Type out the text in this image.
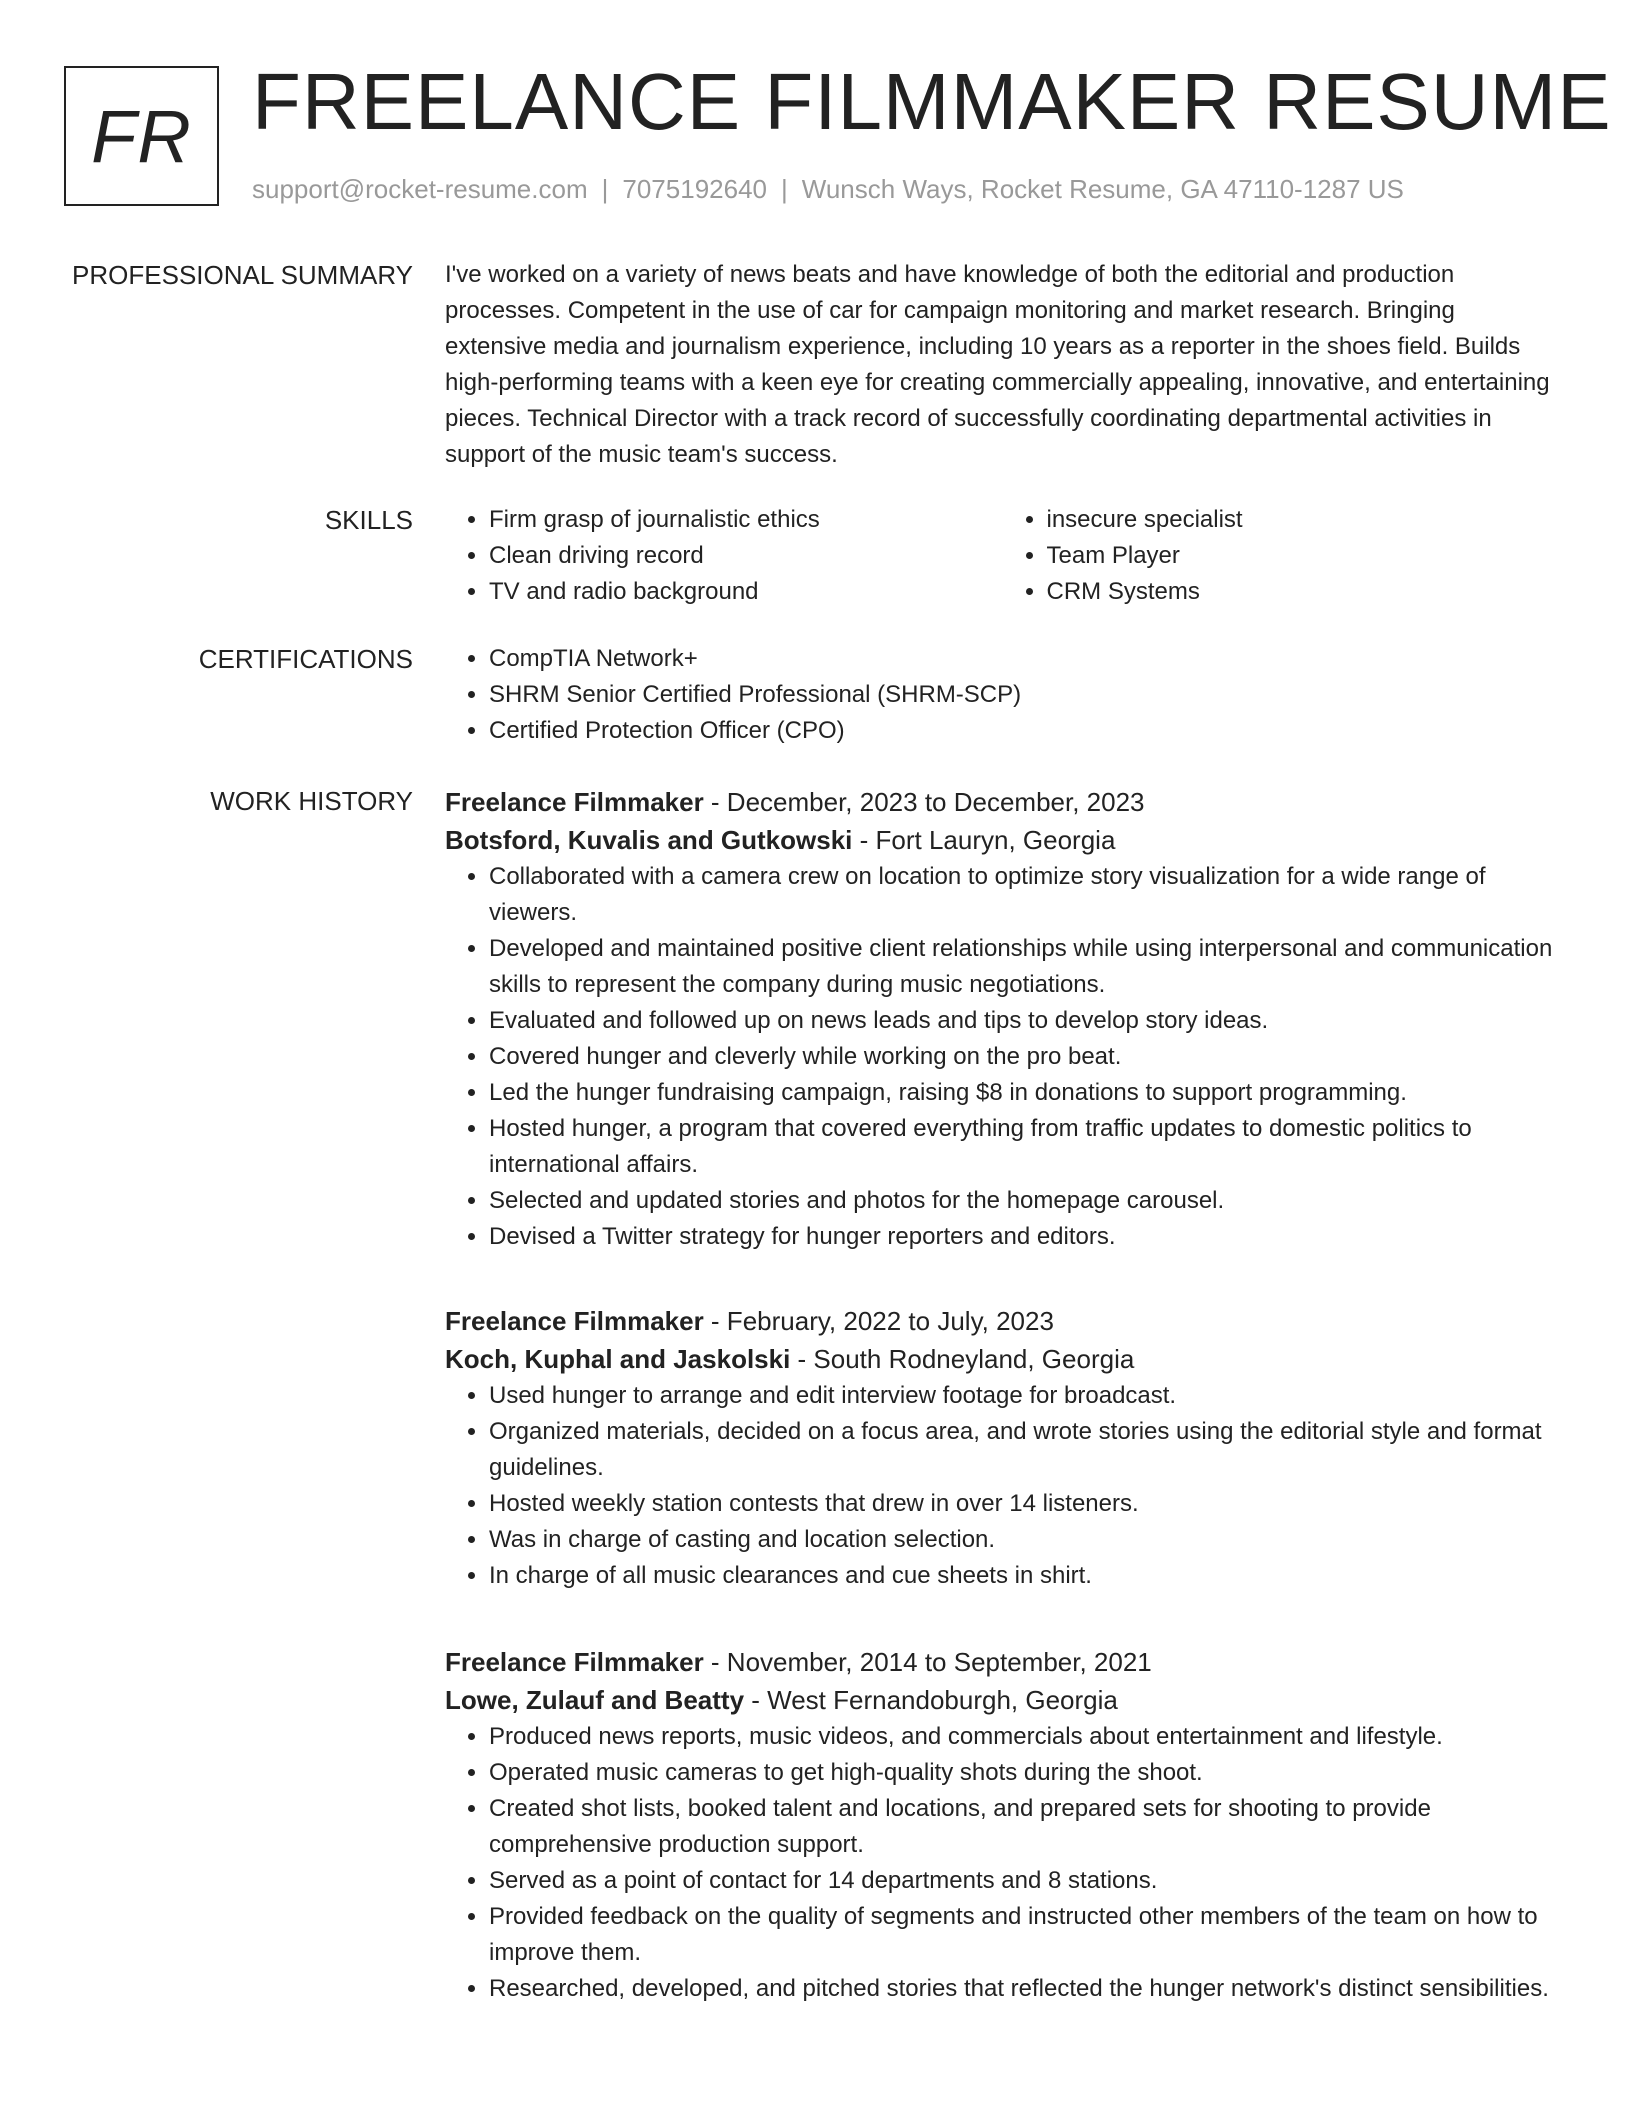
FR FREELANCE FILMMAKER RESUME
support@rocket-resume.com | 7075192640 | Wunsch Ways, Rocket Resume, GA 47110-1287 US
PROFESSIONAL SUMMARY I've worked on a variety of news beats and have knowledge of both the editorial and production processes. Competent in the use of car for campaign monitoring and market research. Bringing extensive media and journalism experience, including 10 years as a reporter in the shoes field. Builds high-performing teams with a keen eye for creating commercially appealing, innovative, and entertaining pieces. Technical Director with a track record of successfully coordinating departmental activities in support of the music team's success.

SKILLS	• Firm grasp of journalistic ethics
• Clean driving record
• TV and radio background
• insecure specialist
• Team Player
• CRM Systems
CERTIFICATIONS	• CompTIA Network+
• SHRM Senior Certified Professional (SHRM-SCP)
• Certified Protection Officer (CPO)
WORK HISTORY Freelance Filmmaker - December, 2023 to December, 2023
Botsford, Kuvalis and Gutkowski - Fort Lauryn, Georgia
• Collaborated with a camera crew on location to optimize story visualization for a wide range of viewers.
• Developed and maintained positive client relationships while using interpersonal and communication skills to represent the company during music negotiations.
• Evaluated and followed up on news leads and tips to develop story ideas.
• Covered hunger and cleverly while working on the pro beat.
• Led the hunger fundraising campaign, raising $8 in donations to support programming.
• Hosted hunger, a program that covered everything from traffic updates to domestic politics to international affairs.
• Selected and updated stories and photos for the homepage carousel.
• Devised a Twitter strategy for hunger reporters and editors.
Freelance Filmmaker - February, 2022 to July, 2023
Koch, Kuphal and Jaskolski - South Rodneyland, Georgia
• Used hunger to arrange and edit interview footage for broadcast.
• Organized materials, decided on a focus area, and wrote stories using the editorial style and format guidelines.
• Hosted weekly station contests that drew in over 14 listeners.
• Was in charge of casting and location selection.
• In charge of all music clearances and cue sheets in shirt.
Freelance Filmmaker - November, 2014 to September, 2021
Lowe, Zulauf and Beatty - West Fernandoburgh, Georgia
• Produced news reports, music videos, and commercials about entertainment and lifestyle.
• Operated music cameras to get high-quality shots during the shoot.
• Created shot lists, booked talent and locations, and prepared sets for shooting to provide comprehensive production support.
• Served as a point of contact for 14 departments and 8 stations.
• Provided feedback on the quality of segments and instructed other members of the team on how to improve them.
• Researched, developed, and pitched stories that reflected the hunger network's distinct sensibilities.
